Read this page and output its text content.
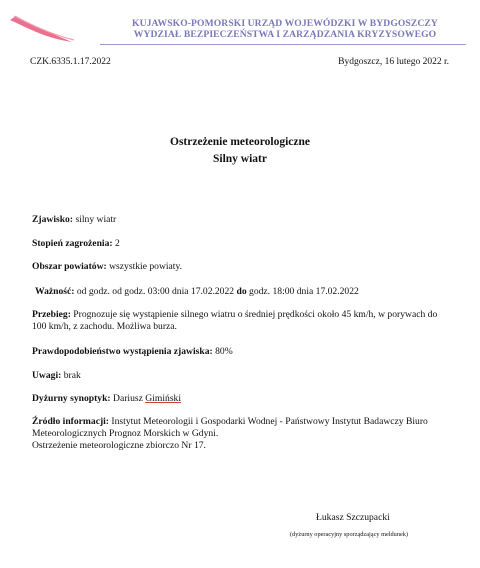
KUJAWSKO-POMORSKI URZĄD WOJEWÓDZKI W BYDGOSZCZY
WYDZIAŁ BEZPIECZEŃSTWA I ZARZĄDZANIA KRYZYSOWEGO
CZK.6335.1.17.2022	Bydgoszcz, 16 lutego 2022 r.
Ostrzeżenie meteorologiczne
Silny wiatr
Zjawisko: silny wiatr
Stopień zagrożenia: 2
Obszar powiatów: wszystkie powiaty.
Ważność: od godz. od godz. 03:00 dnia 17.02.2022 do godz. 18:00 dnia 17.02.2022
Przebieg: Prognozuje się wystąpienie silnego wiatru o średniej prędkości około 45 km/h, w porywach do 100 km/h, z zachodu. Możliwa burza.
Prawdopodobieństwo wystąpienia zjawiska: 80%
Uwagi: brak
Dyżurny synoptyk: Dariusz Gimiński
Źródło informacji: Instytut Meteorologii i Gospodarki Wodnej - Państwowy Instytut Badawczy Biuro Meteorologicznych Prognoz Morskich w Gdyni.
Ostrzeżenie meteorologiczne zbiorczo Nr 17.
Łukasz Szczupacki
(dyżurny operacyjny sporządzający meldunek)
